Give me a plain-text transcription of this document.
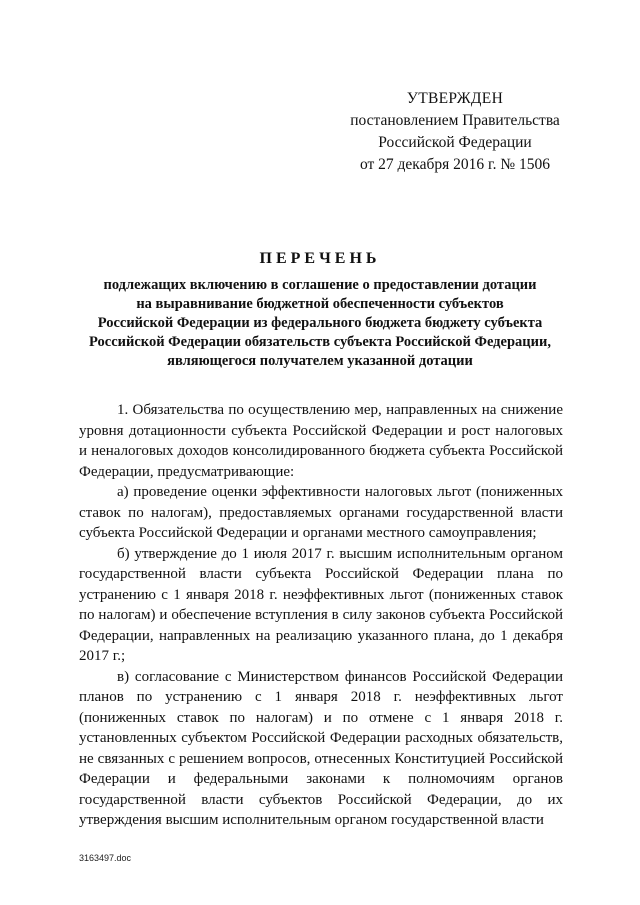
УТВЕРЖДЕН
постановлением Правительства
Российской Федерации
от 27 декабря 2016 г. № 1506
ПЕРЕЧЕНЬ
подлежащих включению в соглашение о предоставлении дотации
на выравнивание бюджетной обеспеченности субъектов
Российской Федерации из федерального бюджета бюджету субъекта
Российской Федерации обязательств субъекта Российской Федерации,
являющегося получателем указанной дотации

1. Обязательства по осуществлению мер, направленных на снижение уровня дотационности субъекта Российской Федерации и рост налоговых и неналоговых доходов консолидированного бюджета субъекта Российской Федерации, предусматривающие:

а) проведение оценки эффективности налоговых льгот (пониженных ставок по налогам), предоставляемых органами государственной власти субъекта Российской Федерации и органами местного самоуправления;

б) утверждение до 1 июля 2017 г. высшим исполнительным органом государственной власти субъекта Российской Федерации плана по устранению с 1 января 2018 г. неэффективных льгот (пониженных ставок по налогам) и обеспечение вступления в силу законов субъекта Российской Федерации, направленных на реализацию указанного плана, до 1 декабря 2017 г.;

в) согласование с Министерством финансов Российской Федерации планов по устранению с 1 января 2018 г. неэффективных льгот (пониженных ставок по налогам) и по отмене с 1 января 2018 г. установленных субъектом Российской Федерации расходных обязательств, не связанных с решением вопросов, отнесенных Конституцией Российской Федерации и федеральными законами к полномочиям органов государственной власти субъектов Российской Федерации, до их утверждения высшим исполнительным органом государственной власти

3163497.doc
